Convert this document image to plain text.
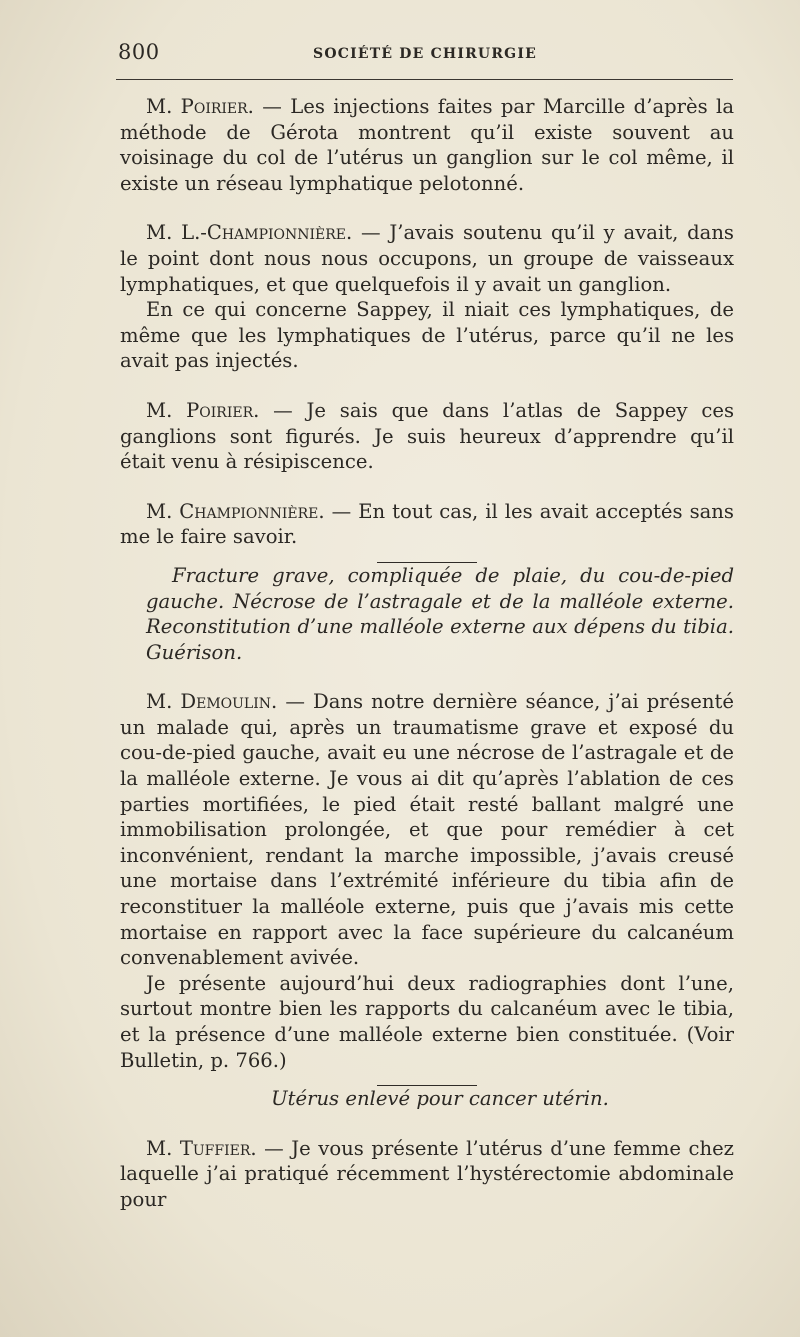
800	SOCIÉTÉ DE CHIRURGIE

M. Poirier. — Les injections faites par Marcille d’après la méthode de Gérota montrent qu’il existe souvent au voisinage du col de l’utérus un ganglion sur le col même, il existe un réseau lymphatique pelotonné.

M. L.-Championnière. — J’avais soutenu qu’il y avait, dans le point dont nous nous occupons, un groupe de vaisseaux lymphatiques, et que quelquefois il y avait un ganglion.

En ce qui concerne Sappey, il niait ces lymphatiques, de même que les lymphatiques de l’utérus, parce qu’il ne les avait pas injectés.

M. Poirier. — Je sais que dans l’atlas de Sappey ces ganglions sont figurés. Je suis heureux d’apprendre qu’il était venu à résipiscence.

M. Championnière. — En tout cas, il les avait acceptés sans me le faire savoir.

Fracture grave, compliquée de plaie, du cou-de-pied gauche. Nécrose de l’astragale et de la malléole externe. Reconstitution d’une malléole externe aux dépens du tibia. Guérison.

M. Demoulin. — Dans notre dernière séance, j’ai présenté un malade qui, après un traumatisme grave et exposé du cou-de-pied gauche, avait eu une nécrose de l’astragale et de la malléole externe. Je vous ai dit qu’après l’ablation de ces parties mortifiées, le pied était resté ballant malgré une immobilisation prolongée, et que pour remédier à cet inconvénient, rendant la marche impossible, j’avais creusé une mortaise dans l’extrémité inférieure du tibia afin de reconstituer la malléole externe, puis que j’avais mis cette mortaise en rapport avec la face supérieure du calcanéum convenablement avivée.

Je présente aujourd’hui deux radiographies dont l’une, surtout montre bien les rapports du calcanéum avec le tibia, et la présence d’une malléole externe bien constituée. (Voir Bulletin, p. 766.)

Utérus enlevé pour cancer utérin.

M. Tuffier. — Je vous présente l’utérus d’une femme chez laquelle j’ai pratiqué récemment l’hystérectomie abdominale pour
